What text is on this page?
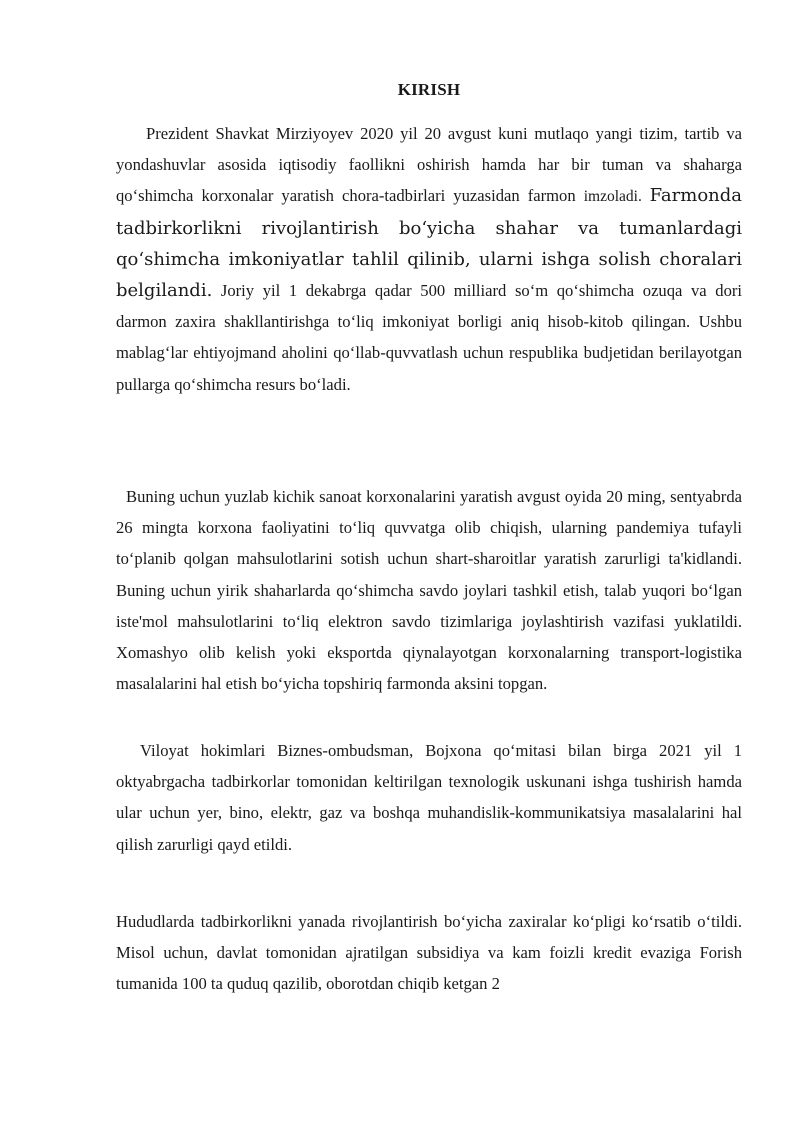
KIRISH

Prezident Shavkat Mirziyoyev 2020 yil 20 avgust kuni mutlaqo yangi tizim, tartib va yondashuvlar asosida iqtisodiy faollikni oshirish hamda har bir tuman va shaharga qo‘shimcha korxonalar yaratish chora-tadbirlari yuzasidan farmon imzoladi. Farmonda tadbirkorlikni rivojlantirish bo‘yicha shahar va tumanlardagi qo‘shimcha imkoniyatlar tahlil qilinib, ularni ishga solish choralari belgilandi. Joriy yil 1 dekabrga qadar 500 milliard so‘m qo‘shimcha ozuqa va dori darmon zaxira shakllantirishga to‘liq imkoniyat borligi aniq hisob-kitob qilingan. Ushbu mablag‘lar ehtiyojmand aholini qo‘llab-quvvatlash uchun respublika budjetidan berilayotgan pullarga qo‘shimcha resurs bo‘ladi.

Buning uchun yuzlab kichik sanoat korxonalarini yaratish avgust oyida 20 ming, sentyabrda 26 mingta korxona faoliyatini to‘liq quvvatga olib chiqish, ularning pandemiya tufayli to‘planib qolgan mahsulotlarini sotish uchun shart-sharoitlar yaratish zarurligi ta'kidlandi. Buning uchun yirik shaharlarda qo‘shimcha savdo joylari tashkil etish, talab yuqori bo‘lgan iste'mol mahsulotlarini to‘liq elektron savdo tizimlariga joylashtirish vazifasi yuklatildi. Xomashyo olib kelish yoki eksportda qiynalayotgan korxonalarning transport-logistika masalalarini hal etish bo‘yicha topshiriq farmonda aksini topgan.

Viloyat hokimlari Biznes-ombudsman, Bojxona qo‘mitasi bilan birga 2021 yil 1 oktyabrgacha tadbirkorlar tomonidan keltirilgan texnologik uskunani ishga tushirish hamda ular uchun yer, bino, elektr, gaz va boshqa muhandislik-kommunikatsiya masalalarini hal qilish zarurligi qayd etildi.

Hududlarda tadbirkorlikni yanada rivojlantirish bo‘yicha zaxiralar ko‘pligi ko‘rsatib o‘tildi. Misol uchun, davlat tomonidan ajratilgan subsidiya va kam foizli kredit evaziga Forish tumanida 100 ta quduq qazilib, oborotdan chiqib ketgan 2
